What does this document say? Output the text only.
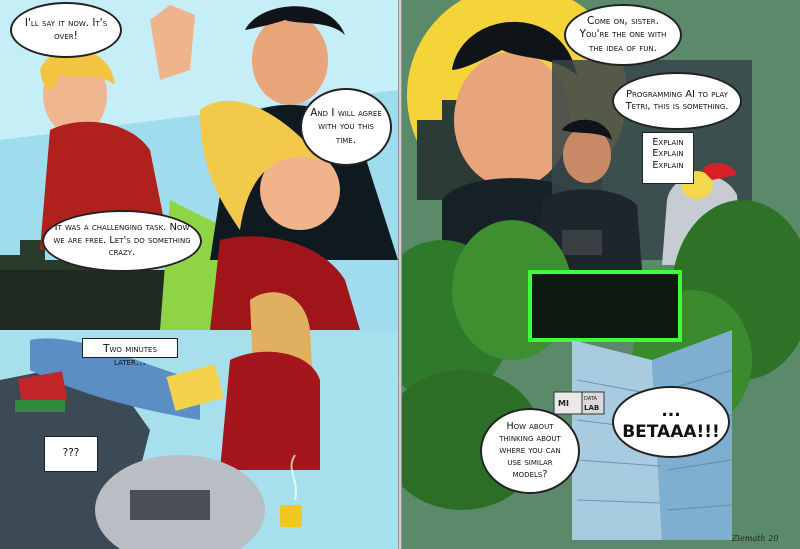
I'll say it now. It's over!
And I will agree with you this time.
It was a challenging task. Now we are free. Let's do something crazy.
Two minutes later...
???
MI	DATA
LAB
Come on, sister. You're the one with the idea of fun.
Programming AI to play Tetri, this is something.
Explain
Explain
Explain
How about thinking about where you can use similar models?
... BETAAA!!!
Ziemath 20
